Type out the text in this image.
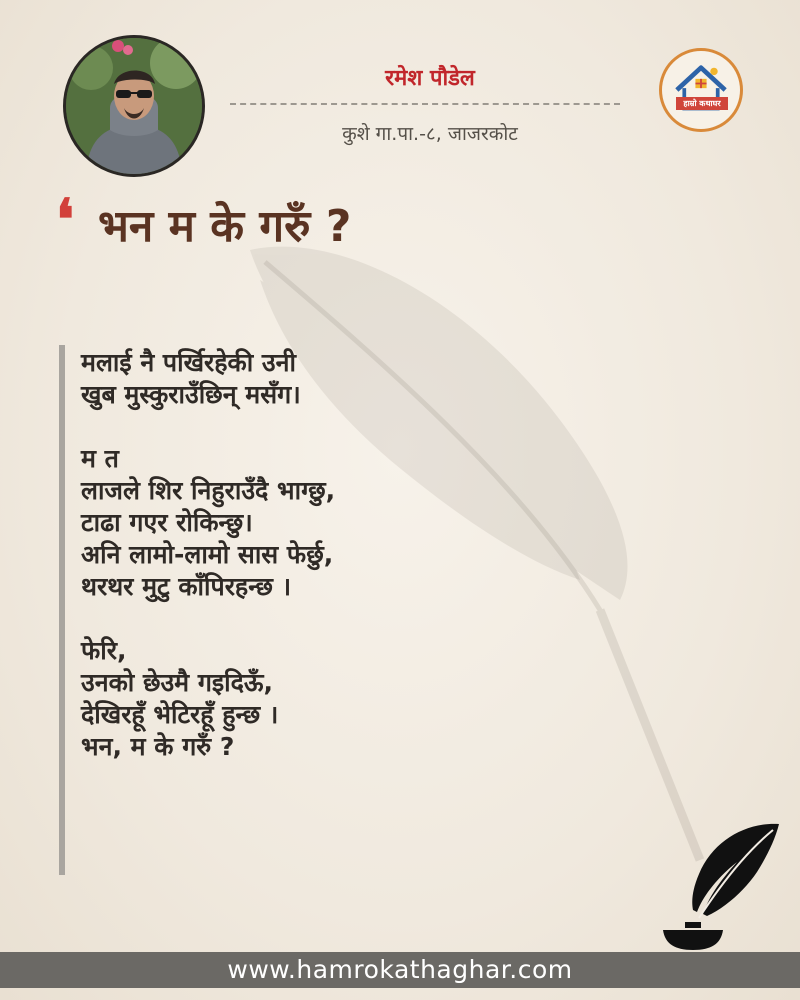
रमेश पौडेल
कुशे गा.पा.-८, जाजरकोट
हाम्रो कथाघर
❛ भन म के गरुँ ?
मलाई नै पर्खिरहेकी उनी
खुब मुस्कुराउँछिन् मसँग।
म त
लाजले शिर निहुराउँदै भाग्छु,
टाढा गएर रोकिन्छु।
अनि लामो-लामो सास फेर्छु,
थरथर मुटु काँपिरहन्छ ।
फेरि,
उनको छेउमै गइदिऊँ,
देखिरहूँ भेटिरहूँ हुन्छ ।
भन, म के गरुँ ?
www.hamrokathaghar.com
